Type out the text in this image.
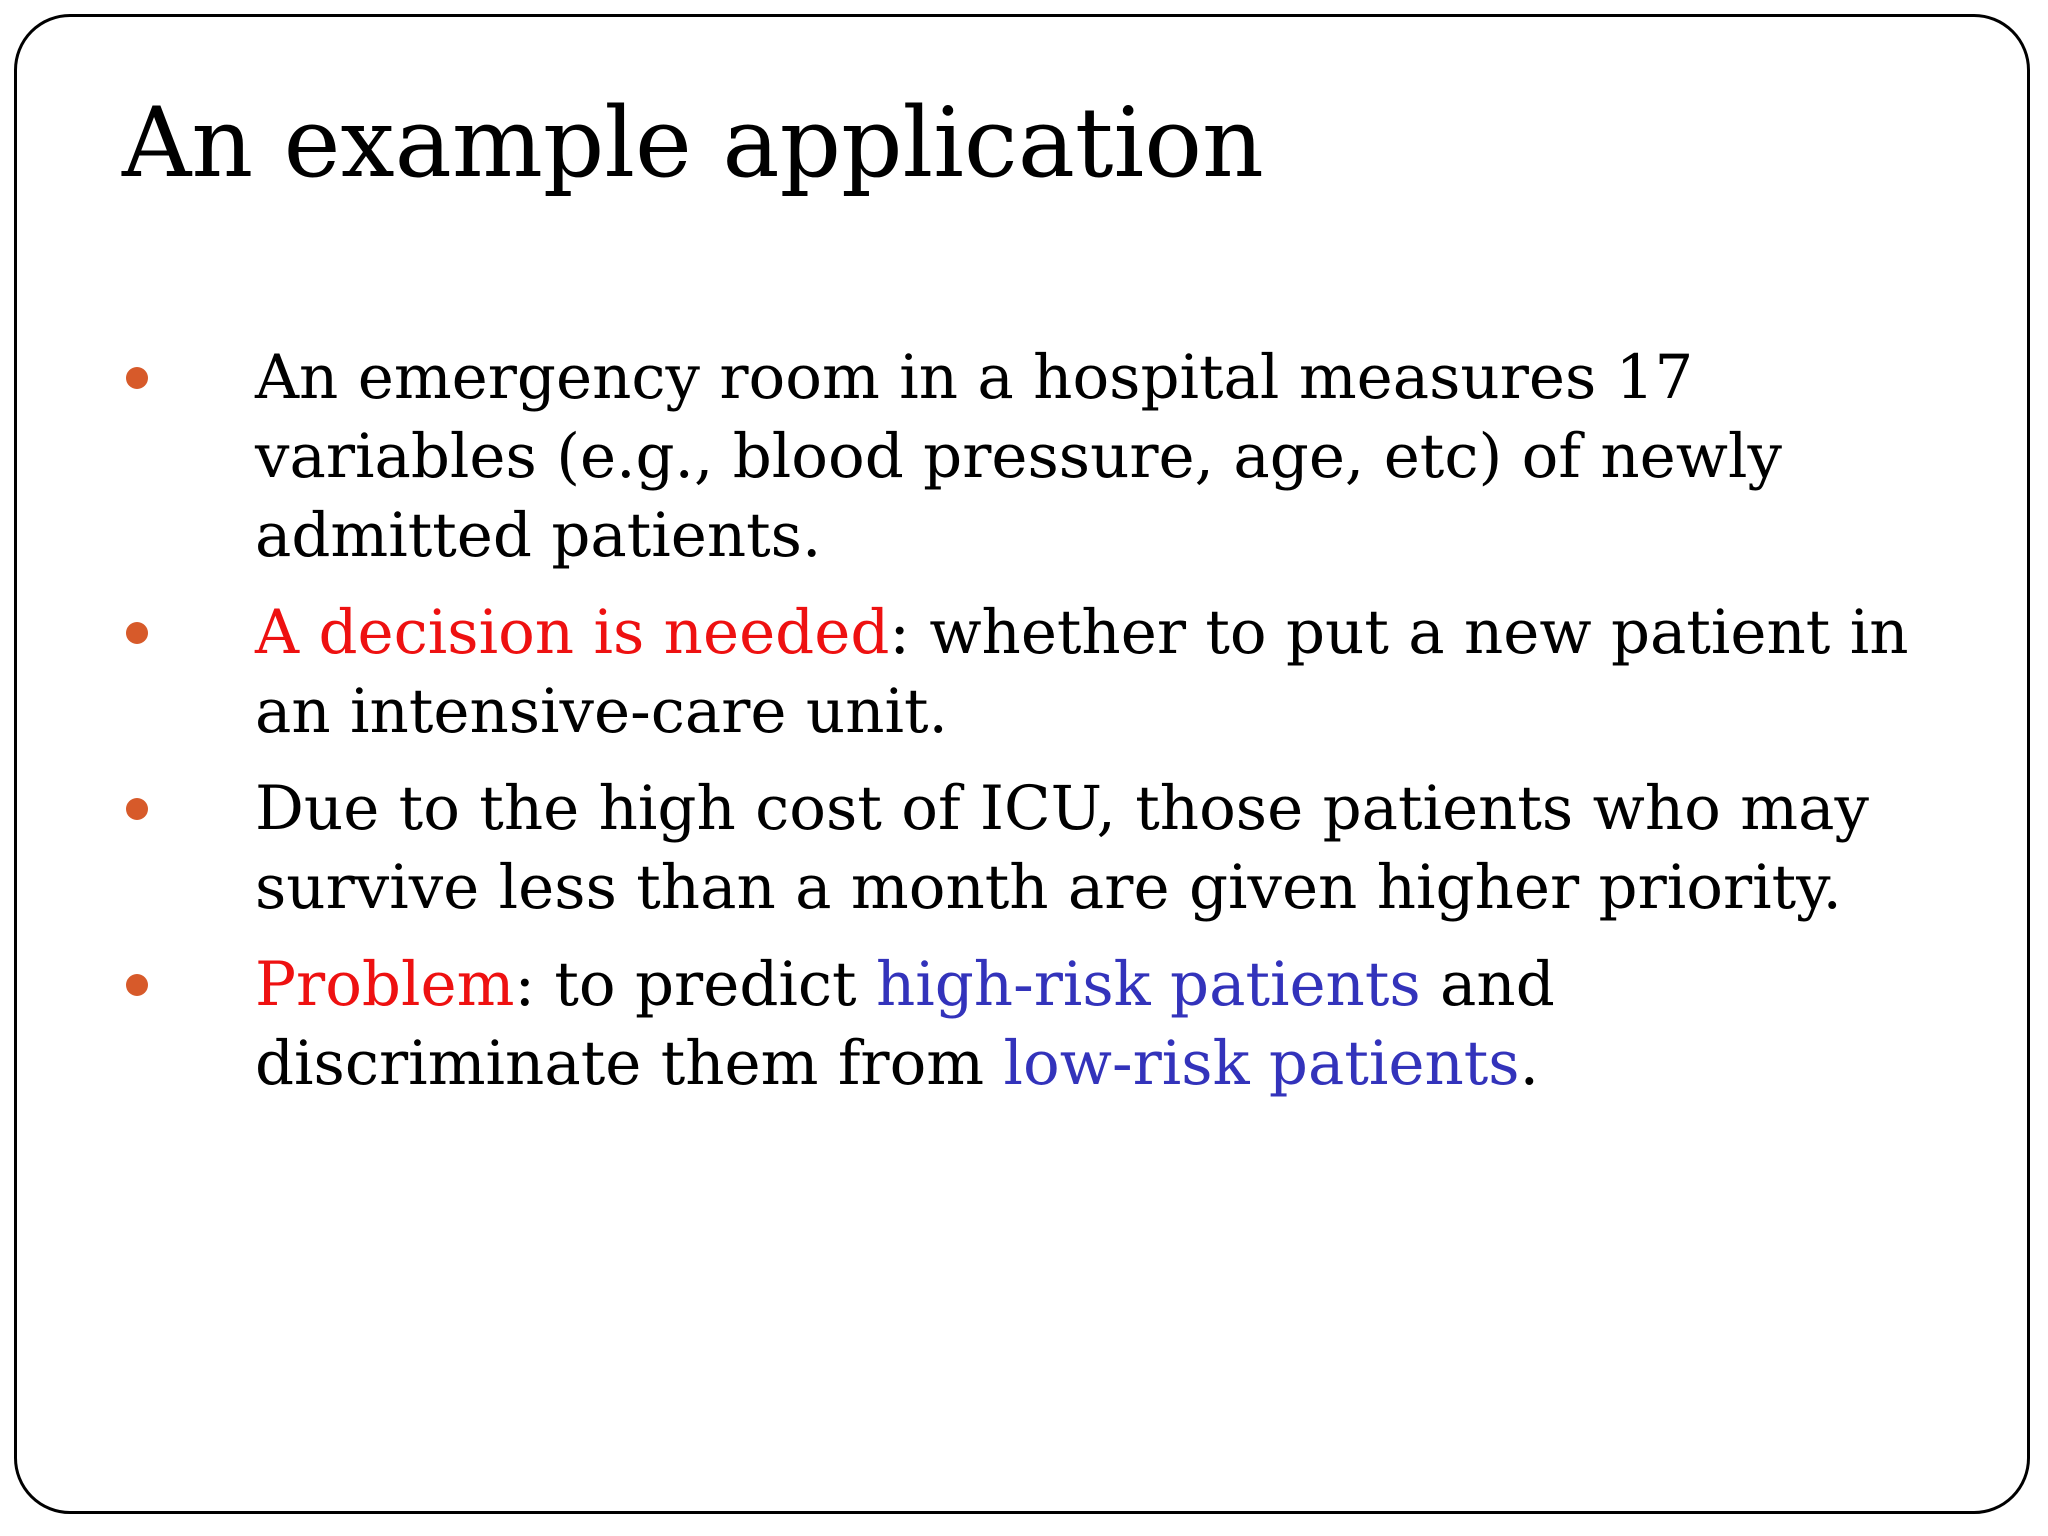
An example application
An emergency room in a hospital measures 17 variables (e.g., blood pressure, age, etc) of newly admitted patients.
A decision is needed: whether to put a new patient in an intensive-care unit.
Due to the high cost of ICU, those patients who may survive less than a month are given higher priority.
Problem: to predict high-risk patients and discriminate them from low-risk patients.
